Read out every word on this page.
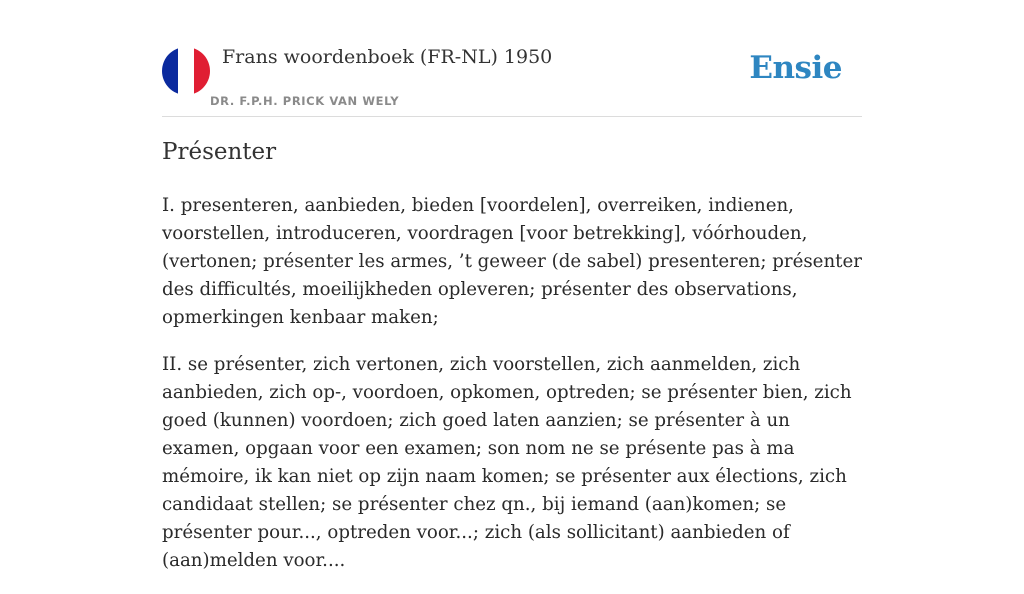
Frans woordenboek (FR-NL) 1950
DR. F.P.H. PRICK VAN WELY
Ensie
Présenter

I. presenteren, aanbieden, bieden [voordelen], overreiken, indienen, voorstellen, introduceren, voordragen [voor betrekking], vóórhouden, (vertonen; présenter les armes, ’t geweer (de sabel) presenteren; présenter des difficultés, moeilijkheden opleveren; présenter des observations, opmerkingen kenbaar maken;

II. se présenter, zich vertonen, zich voorstellen, zich aanmelden, zich aanbieden, zich op-, voordoen, opkomen, optreden; se présenter bien, zich goed (kunnen) voordoen; zich goed laten aanzien; se présenter à un examen, opgaan voor een examen; son nom ne se présente pas à ma mémoire, ik kan niet op zijn naam komen; se présenter aux élections, zich candidaat stellen; se présenter chez qn., bij iemand (aan)komen; se présenter pour..., optreden voor...; zich (als sollicitant) aanbieden of (aan)melden voor....
